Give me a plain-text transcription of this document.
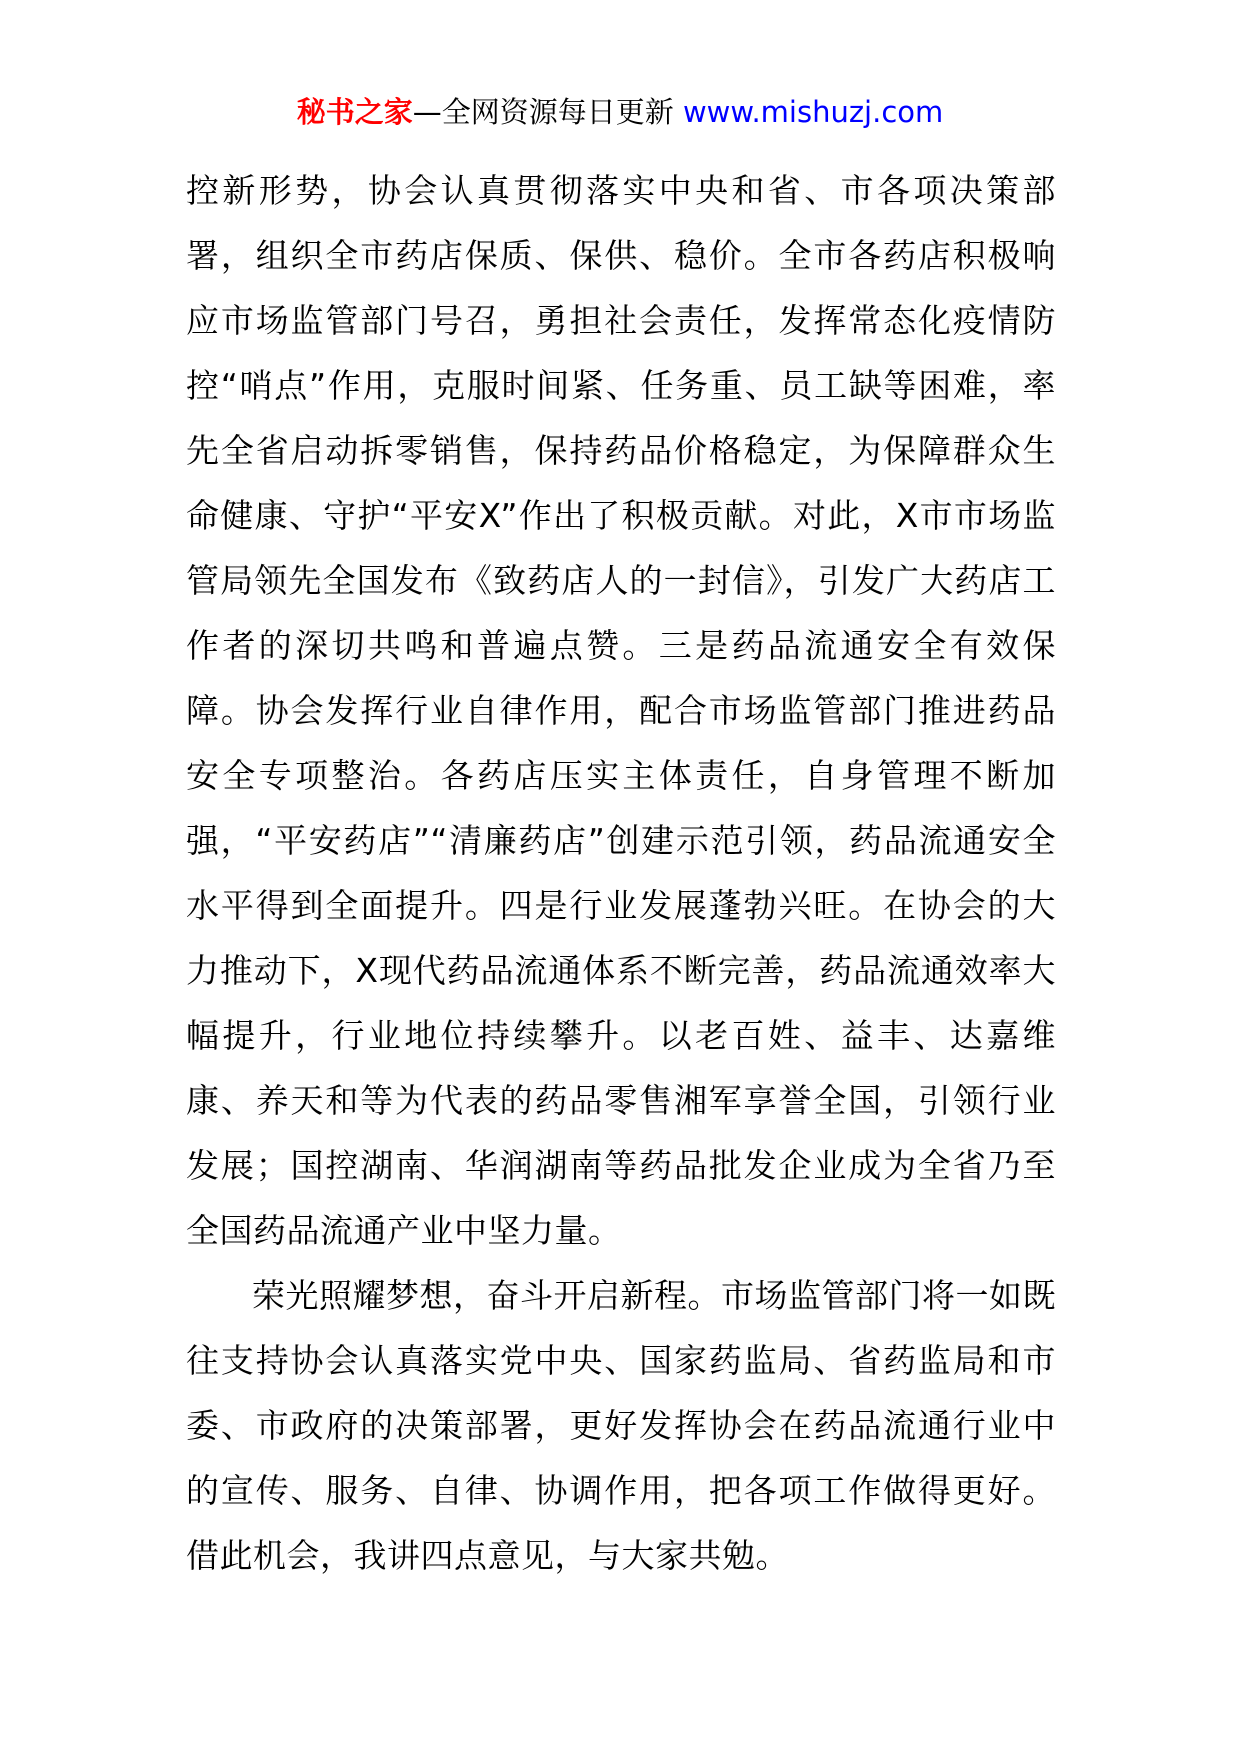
秘书之家—全网资源每日更新 www.mishuzj.com

控新形势，协会认真贯彻落实中央和省、市各项决策部署，组织全市药店保质、保供、稳价。全市各药店积极响应市场监管部门号召，勇担社会责任，发挥常态化疫情防控“哨点”作用，克服时间紧、任务重、员工缺等困难，率先全省启动拆零销售，保持药品价格稳定，为保障群众生命健康、守护“平安X”作出了积极贡献。对此，X市市场监管局领先全国发布《致药店人的一封信》，引发广大药店工作者的深切共鸣和普遍点赞。三是药品流通安全有效保障。协会发挥行业自律作用，配合市场监管部门推进药品安全专项整治。各药店压实主体责任，自身管理不断加强，“平安药店”“清廉药店”创建示范引领，药品流通安全水平得到全面提升。四是行业发展蓬勃兴旺。在协会的大力推动下，X现代药品流通体系不断完善，药品流通效率大幅提升，行业地位持续攀升。以老百姓、益丰、达嘉维康、养天和等为代表的药品零售湘军享誉全国，引领行业发展；国控湖南、华润湖南等药品批发企业成为全省乃至全国药品流通产业中坚力量。

荣光照耀梦想，奋斗开启新程。市场监管部门将一如既往支持协会认真落实党中央、国家药监局、省药监局和市委、市政府的决策部署，更好发挥协会在药品流通行业中的宣传、服务、自律、协调作用，把各项工作做得更好。借此机会，我讲四点意见，与大家共勉。
